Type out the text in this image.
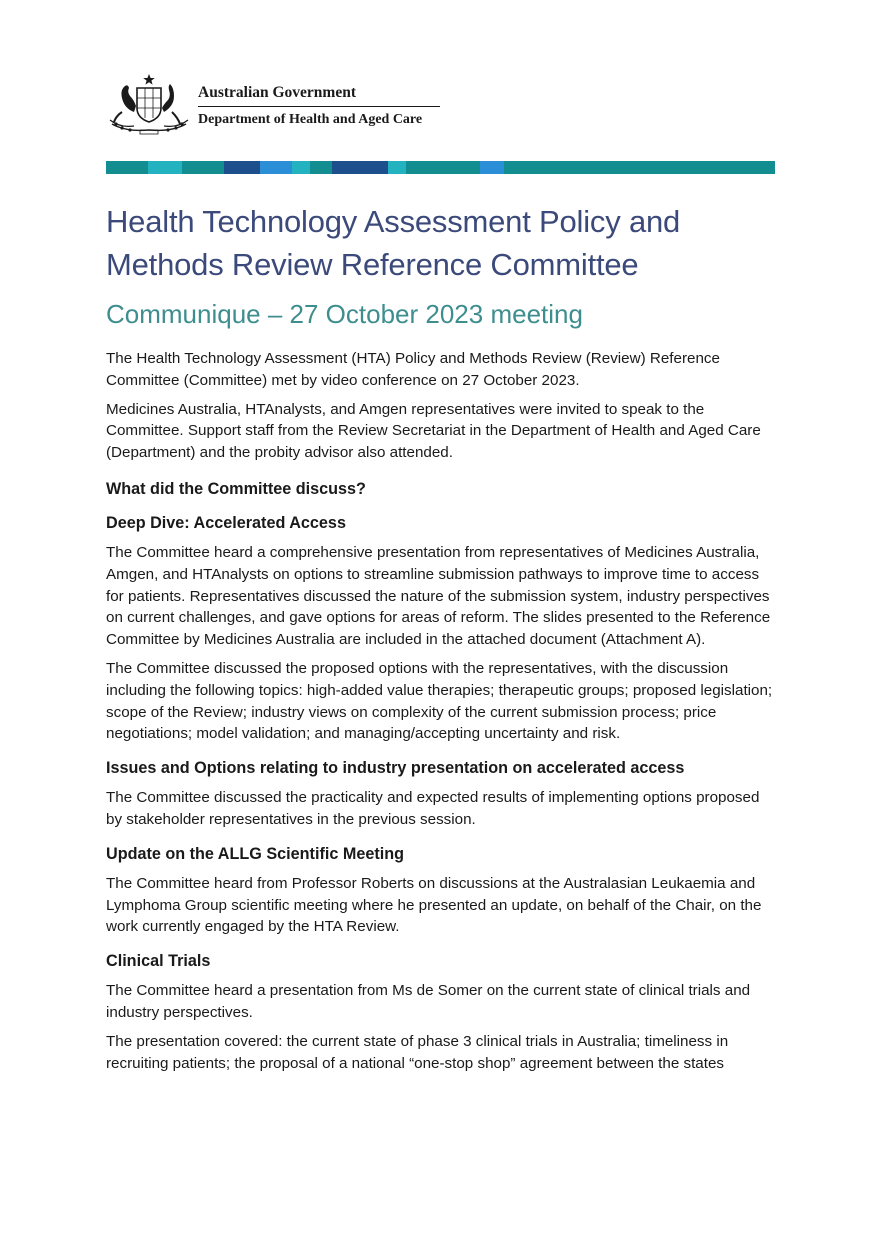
Australian Government
Department of Health and Aged Care
Health Technology Assessment Policy and Methods Review Reference Committee
Communique – 27 October 2023 meeting

The Health Technology Assessment (HTA) Policy and Methods Review (Review) Reference Committee (Committee) met by video conference on 27 October 2023.

Medicines Australia, HTAnalysts, and Amgen representatives were invited to speak to the Committee. Support staff from the Review Secretariat in the Department of Health and Aged Care (Department) and the probity advisor also attended.

What did the Committee discuss?
Deep Dive: Accelerated Access

The Committee heard a comprehensive presentation from representatives of Medicines Australia, Amgen, and HTAnalysts on options to streamline submission pathways to improve time to access for patients. Representatives discussed the nature of the submission system, industry perspectives on current challenges, and gave options for areas of reform. The slides presented to the Reference Committee by Medicines Australia are included in the attached document (Attachment A).

The Committee discussed the proposed options with the representatives, with the discussion including the following topics: high-added value therapies; therapeutic groups; proposed legislation; scope of the Review; industry views on complexity of the current submission process; price negotiations; model validation; and managing/accepting uncertainty and risk.

Issues and Options relating to industry presentation on accelerated access

The Committee discussed the practicality and expected results of implementing options proposed by stakeholder representatives in the previous session.

Update on the ALLG Scientific Meeting

The Committee heard from Professor Roberts on discussions at the Australasian Leukaemia and Lymphoma Group scientific meeting where he presented an update, on behalf of the Chair, on the work currently engaged by the HTA Review.

Clinical Trials

The Committee heard a presentation from Ms de Somer on the current state of clinical trials and industry perspectives.

The presentation covered: the current state of phase 3 clinical trials in Australia; timeliness in recruiting patients; the proposal of a national “one-stop shop” agreement between the states
